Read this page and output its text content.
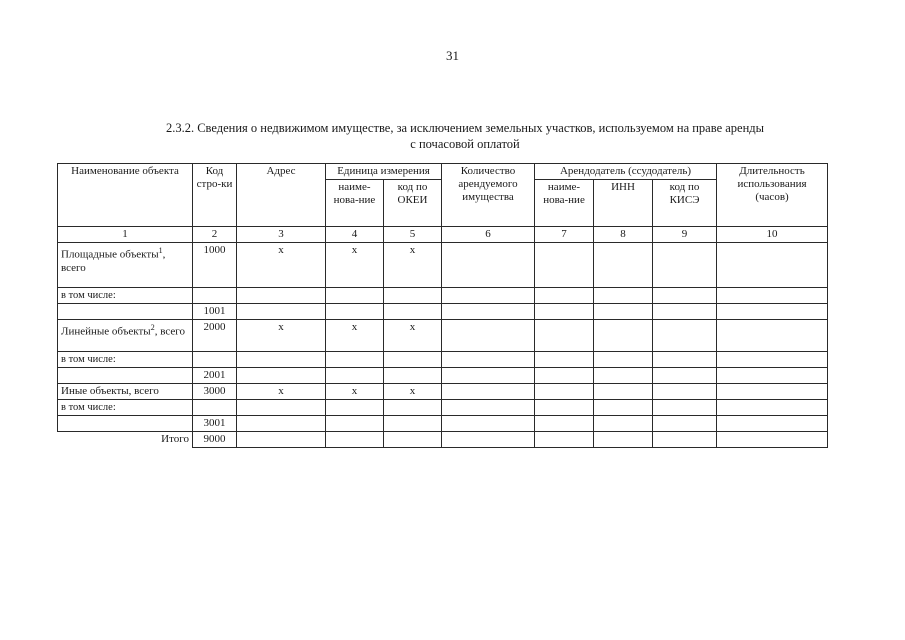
31
2.3.2. Сведения о недвижимом имуществе, за исключением земельных участков, используемом на праве аренды
с почасовой оплатой
Наименование объекта	Код стро-ки	Адрес	Единица измерения		Количество арендуемого имущества	Арендодатель (ссудодатель)			Длительность использования (часов)
			наиме-нова-ние	код по ОКЕИ		наиме-нова-ние	ИНН	код по КИСЭ	
1	2	3	4	5	6	7	8	9	10
Площадные объекты$^1$, всего	1000	x	x	x					
в том числе:									
	1001								
Линейные объекты$^2$, всего	2000	x	x	x					
в том числе:									
	2001								
Иные объекты, всего	3000	x	x	x					
в том числе:									
	3001								
Итого	9000								
